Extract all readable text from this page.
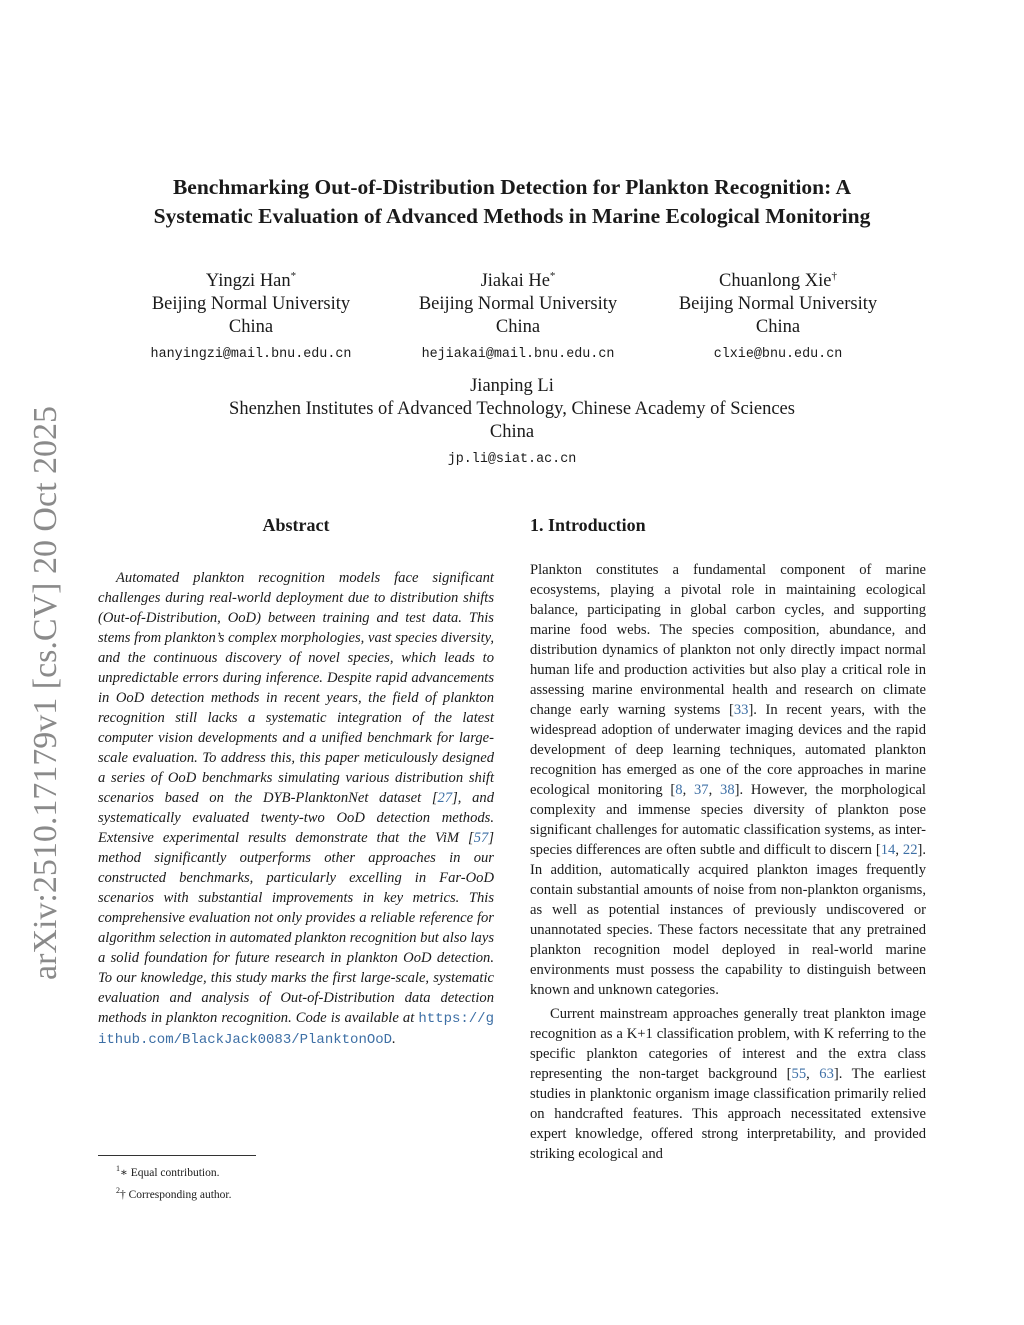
arXiv:2510.17179v1 [cs.CV] 20 Oct 2025
Benchmarking Out-of-Distribution Detection for Plankton Recognition: A
Systematic Evaluation of Advanced Methods in Marine Ecological Monitoring
Yingzi Han*
Beijing Normal University
China
hanyingzi@mail.bnu.edu.cn
Jiakai He*
Beijing Normal University
China
hejiakai@mail.bnu.edu.cn
Chuanlong Xie†
Beijing Normal University
China
clxie@bnu.edu.cn
Jianping Li
Shenzhen Institutes of Advanced Technology, Chinese Academy of Sciences
China
jp.li@siat.ac.cn
Abstract

Automated plankton recognition models face significant challenges during real-world deployment due to distribution shifts (Out-of-Distribution, OoD) between training and test data. This stems from plankton’s complex morphologies, vast species diversity, and the continuous discovery of novel species, which leads to unpredictable errors during inference. Despite rapid advancements in OoD detection methods in recent years, the field of plankton recognition still lacks a systematic integration of the latest computer vision developments and a unified benchmark for large-scale evaluation. To address this, this paper meticulously designed a series of OoD benchmarks simulating various distribution shift scenarios based on the DYB-PlanktonNet dataset [27], and systematically evaluated twenty-two OoD detection methods. Extensive experimental results demonstrate that the ViM [57] method significantly outperforms other approaches in our constructed benchmarks, particularly excelling in Far-OoD scenarios with substantial improvements in key metrics. This comprehensive evaluation not only provides a reliable reference for algorithm selection in automated plankton recognition but also lays a solid foundation for future research in plankton OoD detection. To our knowledge, this study marks the first large-scale, systematic evaluation and analysis of Out-of-Distribution data detection methods in plankton recognition. Code is available at https://github.com/BlackJack0083/PlanktonOoD.

$^1$∗ Equal contribution.
$^2$† Corresponding author.
1. Introduction

Plankton constitutes a fundamental component of marine ecosystems, playing a pivotal role in maintaining ecological balance, participating in global carbon cycles, and supporting marine food webs. The species composition, abundance, and distribution dynamics of plankton not only directly impact normal human life and production activities but also play a critical role in assessing marine environmental health and research on climate change early warning systems [33]. In recent years, with the widespread adoption of underwater imaging devices and the rapid development of deep learning techniques, automated plankton recognition has emerged as one of the core approaches in marine ecological monitoring [8, 37, 38]. However, the morphological complexity and immense species diversity of plankton pose significant challenges for automatic classification systems, as inter-species differences are often subtle and difficult to discern [14, 22]. In addition, automatically acquired plankton images frequently contain substantial amounts of noise from non-plankton organisms, as well as potential instances of previously undiscovered or unannotated species. These factors necessitate that any pretrained plankton recognition model deployed in real-world marine environments must possess the capability to distinguish between known and unknown categories.

Current mainstream approaches generally treat plankton image recognition as a K+1 classification problem, with K referring to the specific plankton categories of interest and the extra class representing the non-target background [55, 63]. The earliest studies in planktonic organism image classification primarily relied on handcrafted features. This approach necessitated extensive expert knowledge, offered strong interpretability, and provided striking ecological and
